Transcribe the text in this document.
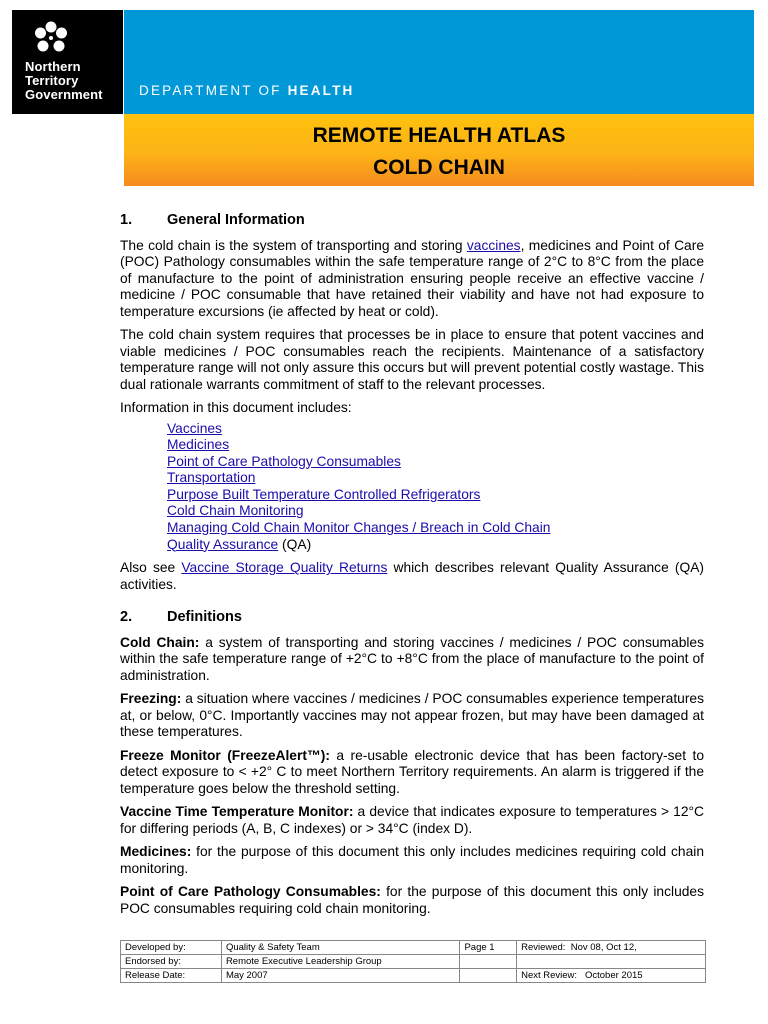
Northern
Territory
Government	DEPARTMENT OF HEALTH
REMOTE HEALTH ATLAS
COLD CHAIN
1.	General Information

The cold chain is the system of transporting and storing vaccines, medicines and Point of Care (POC) Pathology consumables within the safe temperature range of 2°C to 8°C from the place of manufacture to the point of administration ensuring people receive an effective vaccine / medicine / POC consumable that have retained their viability and have not had exposure to temperature excursions (ie affected by heat or cold).

The cold chain system requires that processes be in place to ensure that potent vaccines and viable medicines / POC consumables reach the recipients. Maintenance of a satisfactory temperature range will not only assure this occurs but will prevent potential costly wastage. This dual rationale warrants commitment of staff to the relevant processes.

Information in this document includes:

Vaccines
Medicines
Point of Care Pathology Consumables
Transportation
Purpose Built Temperature Controlled Refrigerators
Cold Chain Monitoring
Managing Cold Chain Monitor Changes / Breach in Cold Chain
Quality Assurance (QA)

Also see Vaccine Storage Quality Returns which describes relevant Quality Assurance (QA) activities.

2.	Definitions

Cold Chain: a system of transporting and storing vaccines / medicines / POC consumables within the safe temperature range of +2°C to +8°C from the place of manufacture to the point of administration.

Freezing: a situation where vaccines / medicines / POC consumables experience temperatures at, or below, 0°C. Importantly vaccines may not appear frozen, but may have been damaged at these temperatures.

Freeze Monitor (FreezeAlert™): a re-usable electronic device that has been factory-set to detect exposure to < +2° C to meet Northern Territory requirements. An alarm is triggered if the temperature goes below the threshold setting.

Vaccine Time Temperature Monitor: a device that indicates exposure to temperatures > 12°C for differing periods (A, B, C indexes) or > 34°C (index D).

Medicines: for the purpose of this document this only includes medicines requiring cold chain monitoring.

Point of Care Pathology Consumables: for the purpose of this document this only includes POC consumables requiring cold chain monitoring.

Developed by:	Quality & Safety Team	Page 1	Reviewed: Nov 08, Oct 12,
Endorsed by:	Remote Executive Leadership Group		
Release Date:	May 2007		Next Review: October 2015
